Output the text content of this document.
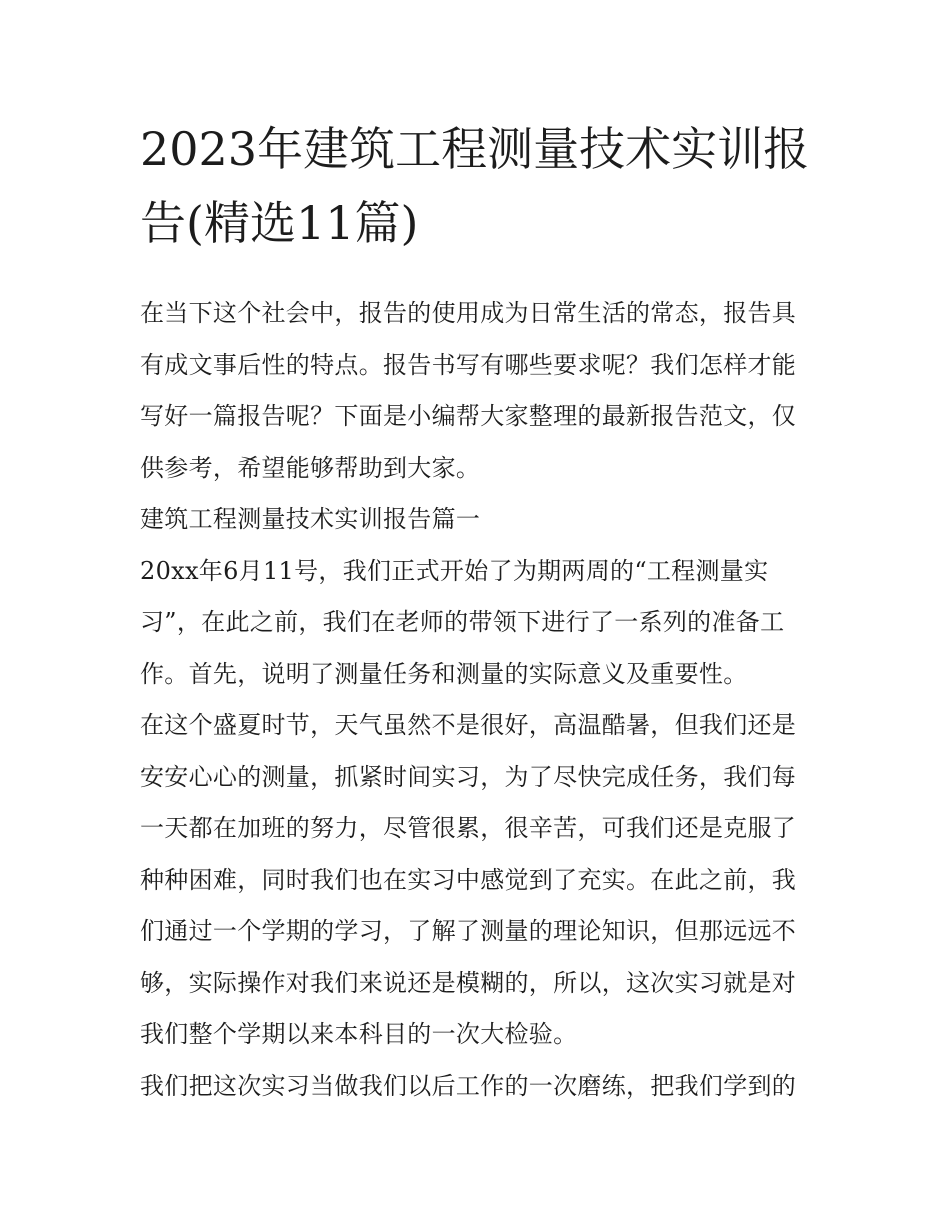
2023年建筑工程测量技术实训报告(精选11篇)

在当下这个社会中，报告的使用成为日常生活的常态，报告具有成文事后性的特点。报告书写有哪些要求呢？我们怎样才能写好一篇报告呢？下面是小编帮大家整理的最新报告范文，仅供参考，希望能够帮助到大家。

建筑工程测量技术实训报告篇一

20xx年6月11号，我们正式开始了为期两周的“工程测量实习”，在此之前，我们在老师的带领下进行了一系列的准备工作。首先，说明了测量任务和测量的实际意义及重要性。

在这个盛夏时节，天气虽然不是很好，高温酷暑，但我们还是安安心心的测量，抓紧时间实习，为了尽快完成任务，我们每一天都在加班的努力，尽管很累，很辛苦，可我们还是克服了种种困难，同时我们也在实习中感觉到了充实。在此之前，我们通过一个学期的学习，了解了测量的理论知识，但那远远不够，实际操作对我们来说还是模糊的，所以，这次实习就是对我们整个学期以来本科目的一次大检验。

我们把这次实习当做我们以后工作的一次磨练，把我们学到的
